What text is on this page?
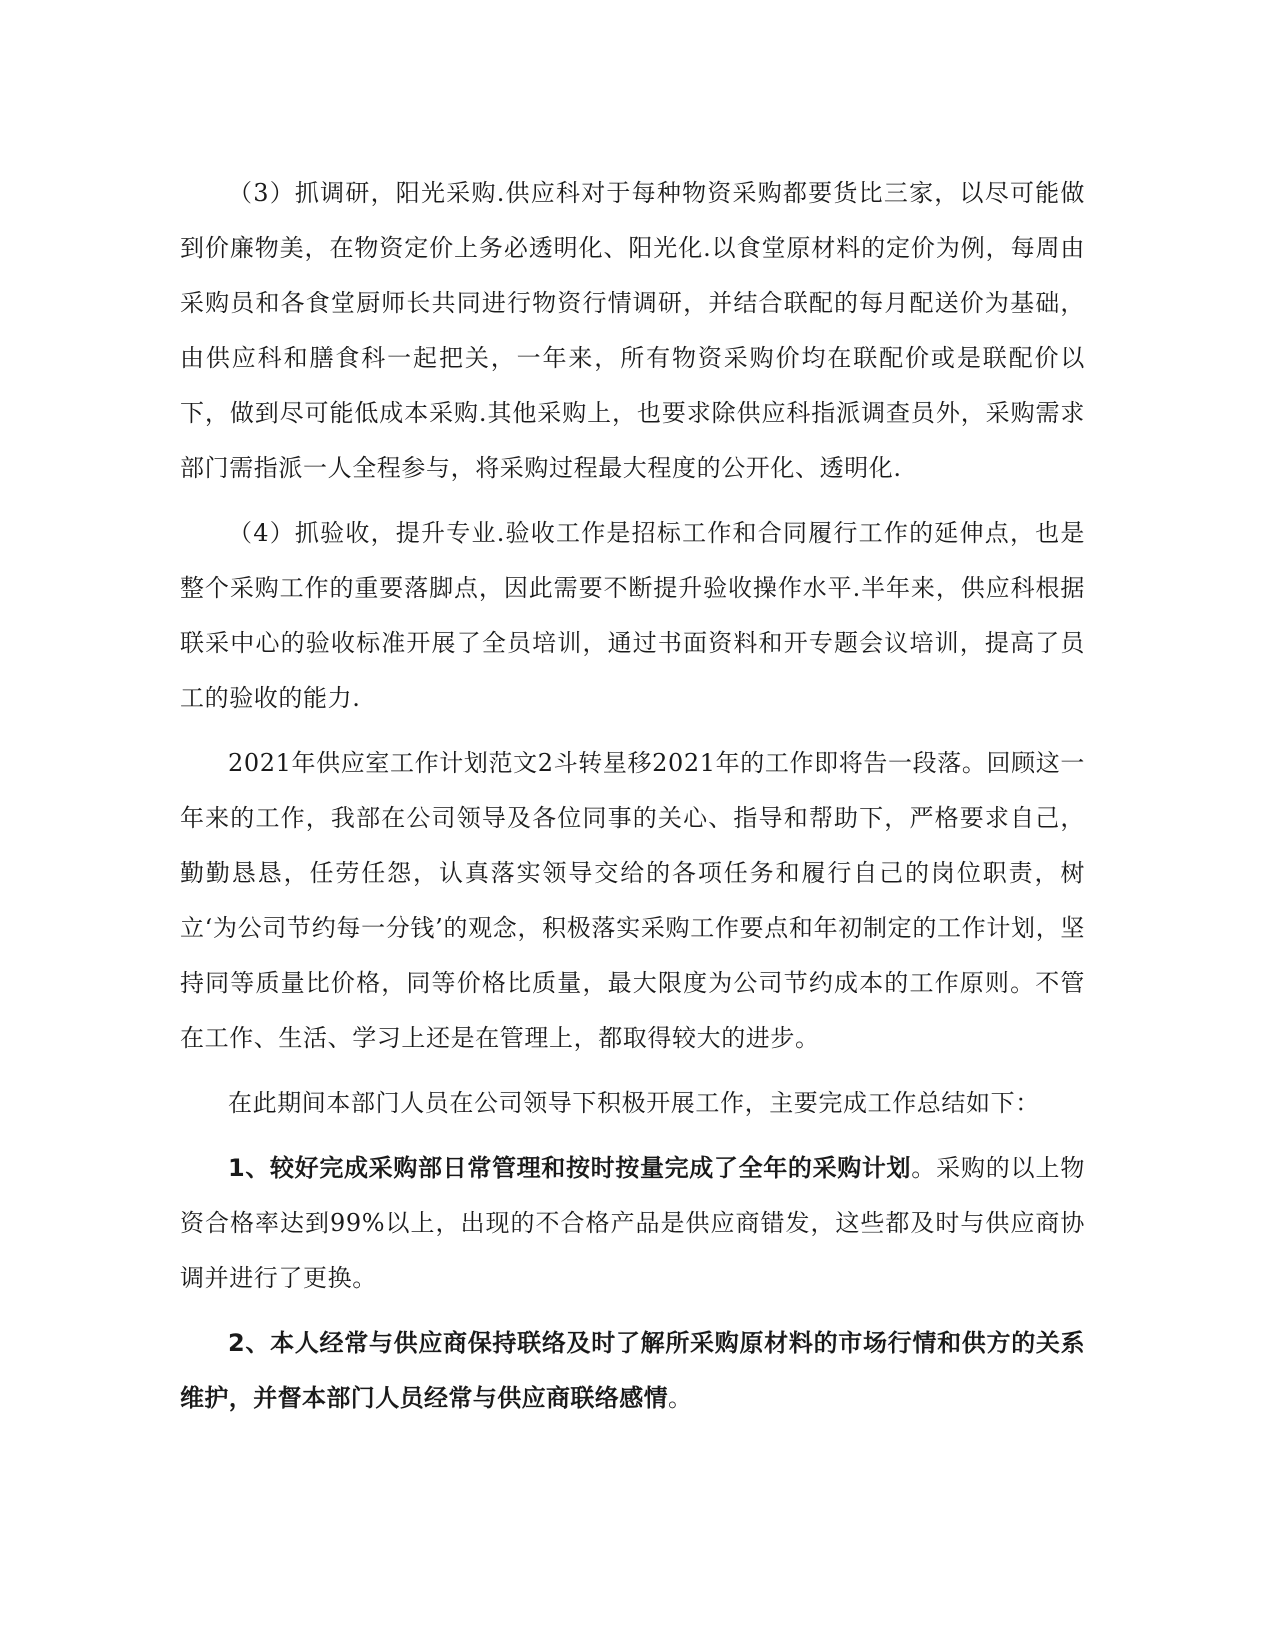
（3）抓调研，阳光采购.供应科对于每种物资采购都要货比三家，以尽可能做到价廉物美，在物资定价上务必透明化、阳光化.以食堂原材料的定价为例，每周由采购员和各食堂厨师长共同进行物资行情调研，并结合联配的每月配送价为基础，由供应科和膳食科一起把关，一年来，所有物资采购价均在联配价或是联配价以下，做到尽可能低成本采购.其他采购上，也要求除供应科指派调查员外，采购需求部门需指派一人全程参与，将采购过程最大程度的公开化、透明化.

（4）抓验收，提升专业.验收工作是招标工作和合同履行工作的延伸点，也是整个采购工作的重要落脚点，因此需要不断提升验收操作水平.半年来，供应科根据联采中心的验收标准开展了全员培训，通过书面资料和开专题会议培训，提高了员工的验收的能力.

2021年供应室工作计划范文2斗转星移2021年的工作即将告一段落。回顾这一年来的工作，我部在公司领导及各位同事的关心、指导和帮助下，严格要求自己，勤勤恳恳，任劳任怨，认真落实领导交给的各项任务和履行自己的岗位职责，树立‘为公司节约每一分钱’的观念，积极落实采购工作要点和年初制定的工作计划，坚持同等质量比价格，同等价格比质量，最大限度为公司节约成本的工作原则。不管在工作、生活、学习上还是在管理上，都取得较大的进步。

在此期间本部门人员在公司领导下积极开展工作，主要完成工作总结如下：

1、较好完成采购部日常管理和按时按量完成了全年的采购计划。采购的以上物资合格率达到99%以上，出现的不合格产品是供应商错发，这些都及时与供应商协调并进行了更换。

2、本人经常与供应商保持联络及时了解所采购原材料的市场行情和供方的关系维护，并督本部门人员经常与供应商联络感情。
